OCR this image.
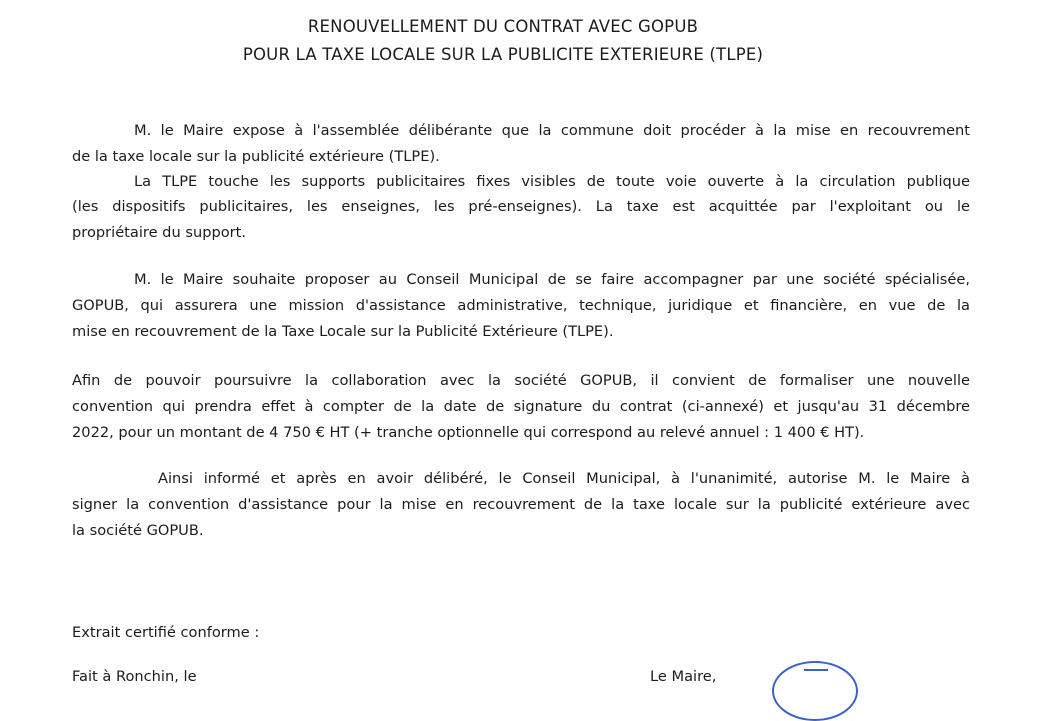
RENOUVELLEMENT DU CONTRAT AVEC GOPUB
POUR LA TAXE LOCALE SUR LA PUBLICITE EXTERIEURE (TLPE)
M. le Maire expose à l'assemblée délibérante que la commune doit procéder à la mise en recouvrement
de la taxe locale sur la publicité extérieure (TLPE).
La TLPE touche les supports publicitaires fixes visibles de toute voie ouverte à la circulation publique
(les dispositifs publicitaires, les enseignes, les pré-enseignes). La taxe est acquittée par l'exploitant ou le
propriétaire du support.
M. le Maire souhaite proposer au Conseil Municipal de se faire accompagner par une société spécialisée,
GOPUB, qui assurera une mission d'assistance administrative, technique, juridique et financière, en vue de la
mise en recouvrement de la Taxe Locale sur la Publicité Extérieure (TLPE).
Afin de pouvoir poursuivre la collaboration avec la société GOPUB, il convient de formaliser une nouvelle
convention qui prendra effet à compter de la date de signature du contrat (ci-annexé) et jusqu'au 31 décembre
2022, pour un montant de 4 750 € HT (+ tranche optionnelle qui correspond au relevé annuel : 1 400 € HT).
Ainsi informé et après en avoir délibéré, le Conseil Municipal, à l'unanimité, autorise M. le Maire à
signer la convention d'assistance pour la mise en recouvrement de la taxe locale sur la publicité extérieure avec
la société GOPUB.
Extrait certifié conforme :
Fait à Ronchin, le	Le Maire,
